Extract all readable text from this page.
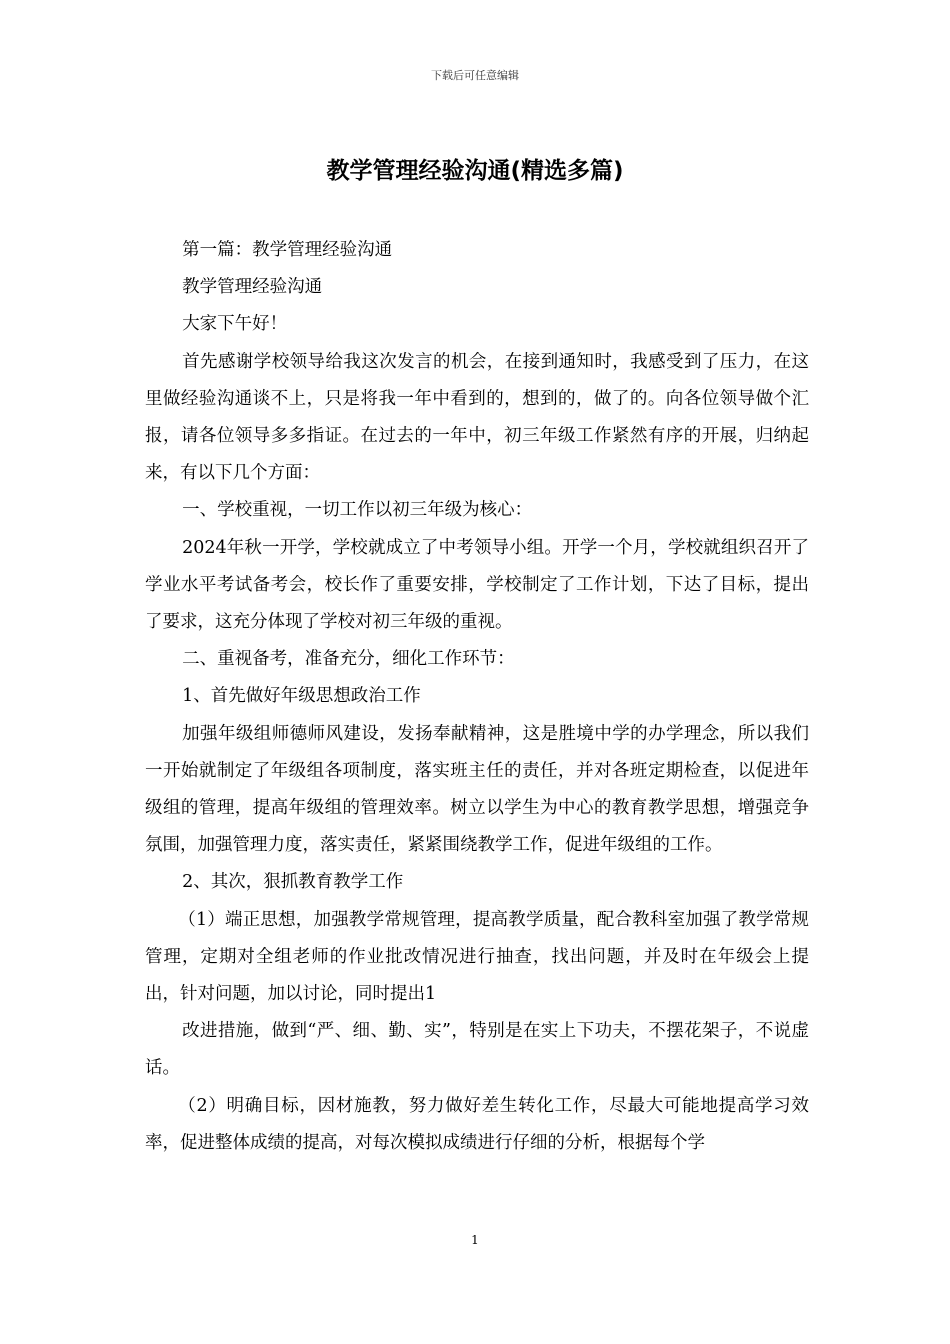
下载后可任意编辑
教学管理经验沟通(精选多篇)

第一篇：教学管理经验沟通

教学管理经验沟通

大家下午好！

首先感谢学校领导给我这次发言的机会，在接到通知时，我感受到了压力，在这里做经验沟通谈不上，只是将我一年中看到的，想到的，做了的。向各位领导做个汇报，请各位领导多多指证。在过去的一年中，初三年级工作紧然有序的开展，归纳起来，有以下几个方面：

一、学校重视，一切工作以初三年级为核心：

2024年秋一开学，学校就成立了中考领导小组。开学一个月，学校就组织召开了学业水平考试备考会，校长作了重要安排，学校制定了工作计划，下达了目标，提出了要求，这充分体现了学校对初三年级的重视。

二、重视备考，准备充分，细化工作环节：

1、首先做好年级思想政治工作

加强年级组师德师风建设，发扬奉献精神，这是胜境中学的办学理念，所以我们一开始就制定了年级组各项制度，落实班主任的责任，并对各班定期检查，以促进年级组的管理，提高年级组的管理效率。树立以学生为中心的教育教学思想，增强竞争氛围，加强管理力度，落实责任，紧紧围绕教学工作，促进年级组的工作。

2、其次，狠抓教育教学工作

（1）端正思想，加强教学常规管理，提高教学质量，配合教科室加强了教学常规管理，定期对全组老师的作业批改情况进行抽查，找出问题，并及时在年级会上提出，针对问题，加以讨论，同时提出1

改进措施，做到“严、细、勤、实”，特别是在实上下功夫，不摆花架子，不说虚话。

（2）明确目标，因材施教，努力做好差生转化工作，尽最大可能地提高学习效率，促进整体成绩的提高，对每次模拟成绩进行仔细的分析，根据每个学

1
